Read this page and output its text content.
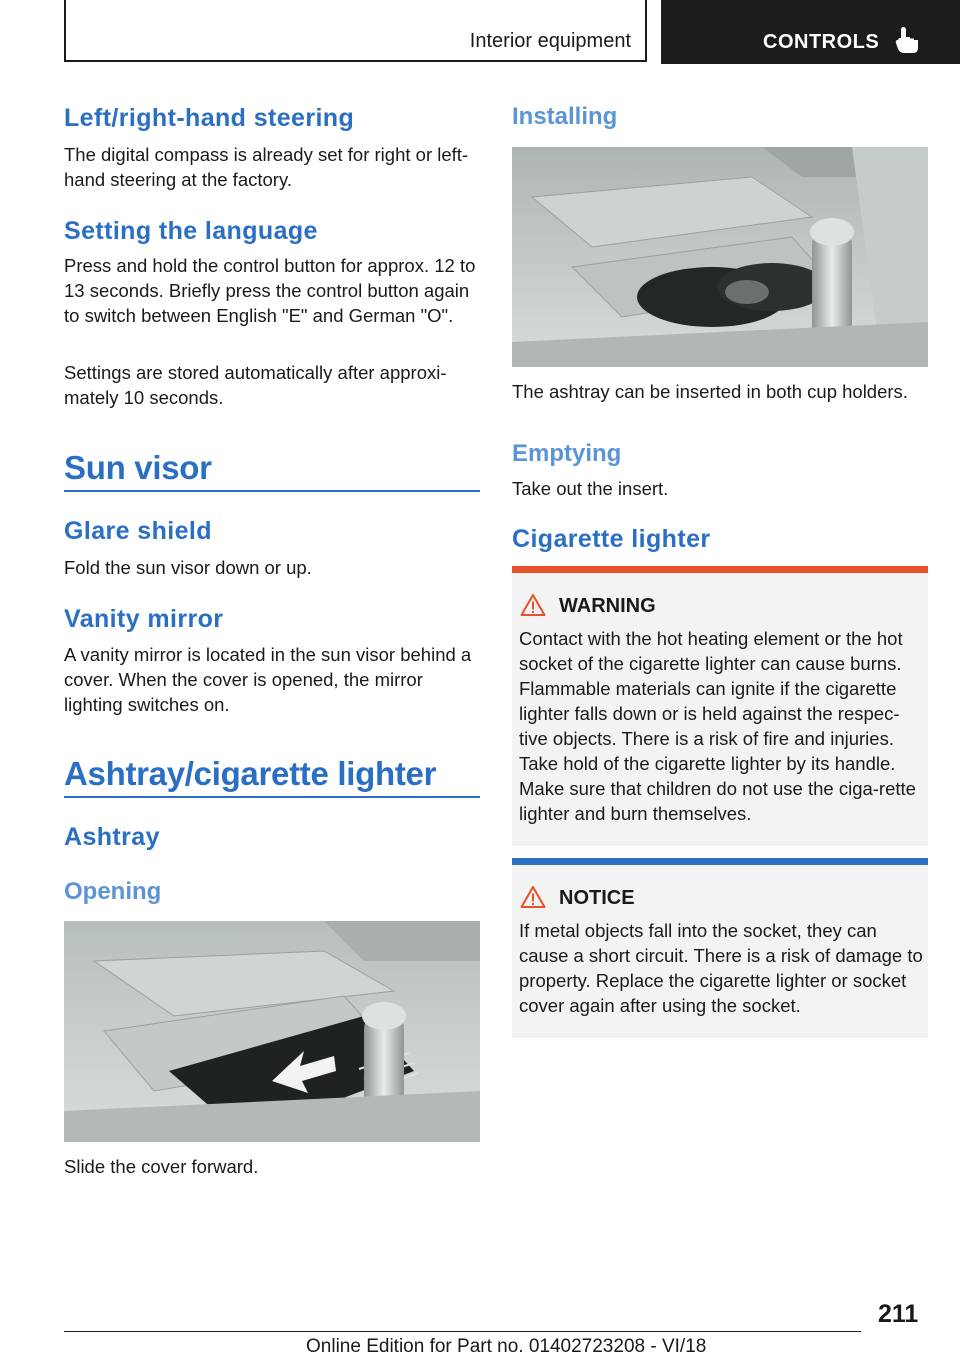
Interior equipment	CONTROLS
Left/right-hand steering
The digital compass is already set for right or left-hand steering at the factory.
Setting the language
Press and hold the control button for approx. 12 to 13 seconds. Briefly press the control button again to switch between English "E" and German "O".
Settings are stored automatically after approxi-mately 10 seconds.
Sun visor
Glare shield
Fold the sun visor down or up.
Vanity mirror
A vanity mirror is located in the sun visor behind a cover. When the cover is opened, the mirror lighting switches on.
Ashtray/cigarette lighter
Ashtray
Opening
Slide the cover forward.
Installing
The ashtray can be inserted in both cup holders.
Emptying
Take out the insert.
Cigarette lighter
WARNING
Contact with the hot heating element or the hot socket of the cigarette lighter can cause burns. Flammable materials can ignite if the cigarette lighter falls down or is held against the respec-tive objects. There is a risk of fire and injuries. Take hold of the cigarette lighter by its handle. Make sure that children do not use the ciga-rette lighter and burn themselves.
NOTICE
If metal objects fall into the socket, they can cause a short circuit. There is a risk of damage to property. Replace the cigarette lighter or socket cover again after using the socket.
211
Online Edition for Part no. 01402723208 - VI/18
